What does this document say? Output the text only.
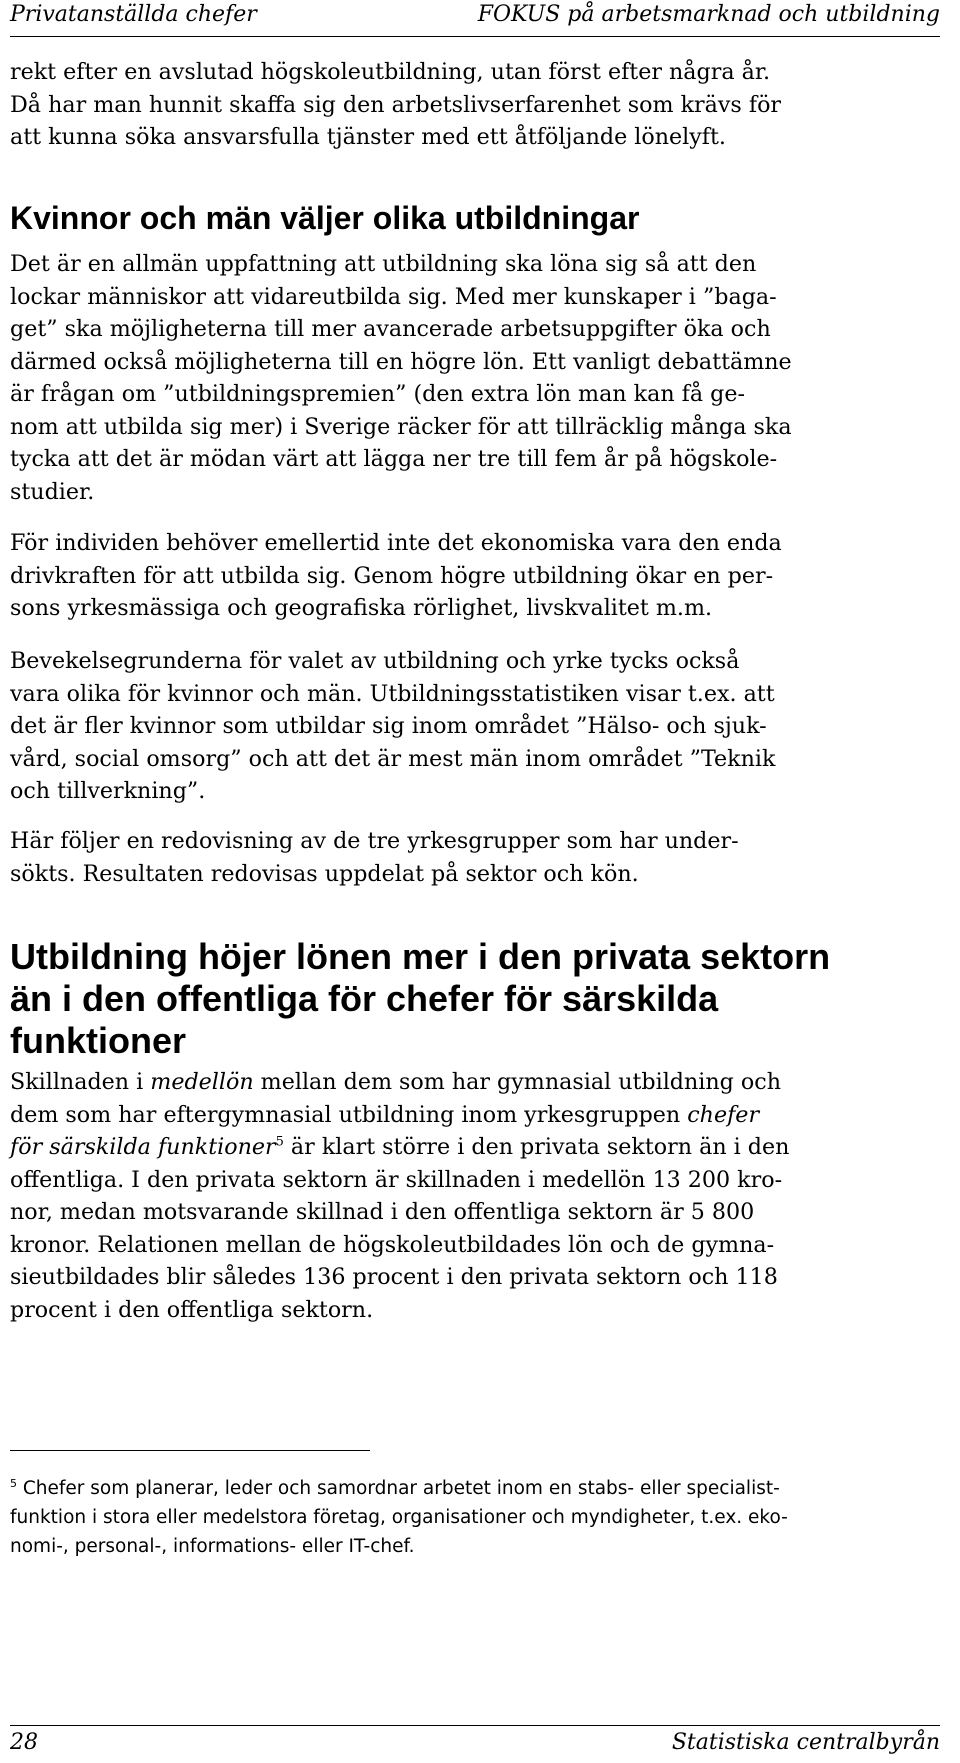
Privatanställda chefer	FOKUS på arbetsmarknad och utbildning
rekt efter en avslutad högskoleutbildning, utan först efter några år.
Då har man hunnit skaffa sig den arbetslivserfarenhet som krävs för
att kunna söka ansvarsfulla tjänster med ett åtföljande lönelyft.
Kvinnor och män väljer olika utbildningar
Det är en allmän uppfattning att utbildning ska löna sig så att den
lockar människor att vidareutbilda sig. Med mer kunskaper i ”baga-
get” ska möjligheterna till mer avancerade arbetsuppgifter öka och
därmed också möjligheterna till en högre lön. Ett vanligt debattämne
är frågan om ”utbildningspremien” (den extra lön man kan få ge-
nom att utbilda sig mer) i Sverige räcker för att tillräcklig många ska
tycka att det är mödan värt att lägga ner tre till fem år på högskole-
studier.
För individen behöver emellertid inte det ekonomiska vara den enda
drivkraften för att utbilda sig. Genom högre utbildning ökar en per-
sons yrkesmässiga och geografiska rörlighet, livskvalitet m.m.
Bevekelsegrunderna för valet av utbildning och yrke tycks också
vara olika för kvinnor och män. Utbildningsstatistiken visar t.ex. att
det är fler kvinnor som utbildar sig inom området ”Hälso- och sjuk-
vård, social omsorg” och att det är mest män inom området ”Teknik
och tillverkning”.
Här följer en redovisning av de tre yrkesgrupper som har under-
sökts. Resultaten redovisas uppdelat på sektor och kön.
Utbildning höjer lönen mer i den privata sektorn
än i den offentliga för chefer för särskilda
funktioner
Skillnaden i medellön mellan dem som har gymnasial utbildning och
dem som har eftergymnasial utbildning inom yrkesgruppen chefer
för särskilda funktioner$^5$ är klart större i den privata sektorn än i den
offentliga. I den privata sektorn är skillnaden i medellön 13 200 kro-
nor, medan motsvarande skillnad i den offentliga sektorn är 5 800
kronor. Relationen mellan de högskoleutbildades lön och de gymna-
sieutbildades blir således 136 procent i den privata sektorn och 118
procent i den offentliga sektorn.
$^5$ Chefer som planerar, leder och samordnar arbetet inom en stabs- eller specialist-
funktion i stora eller medelstora företag, organisationer och myndigheter, t.ex. eko-
nomi-, personal-, informations- eller IT-chef.
28	Statistiska centralbyrån
